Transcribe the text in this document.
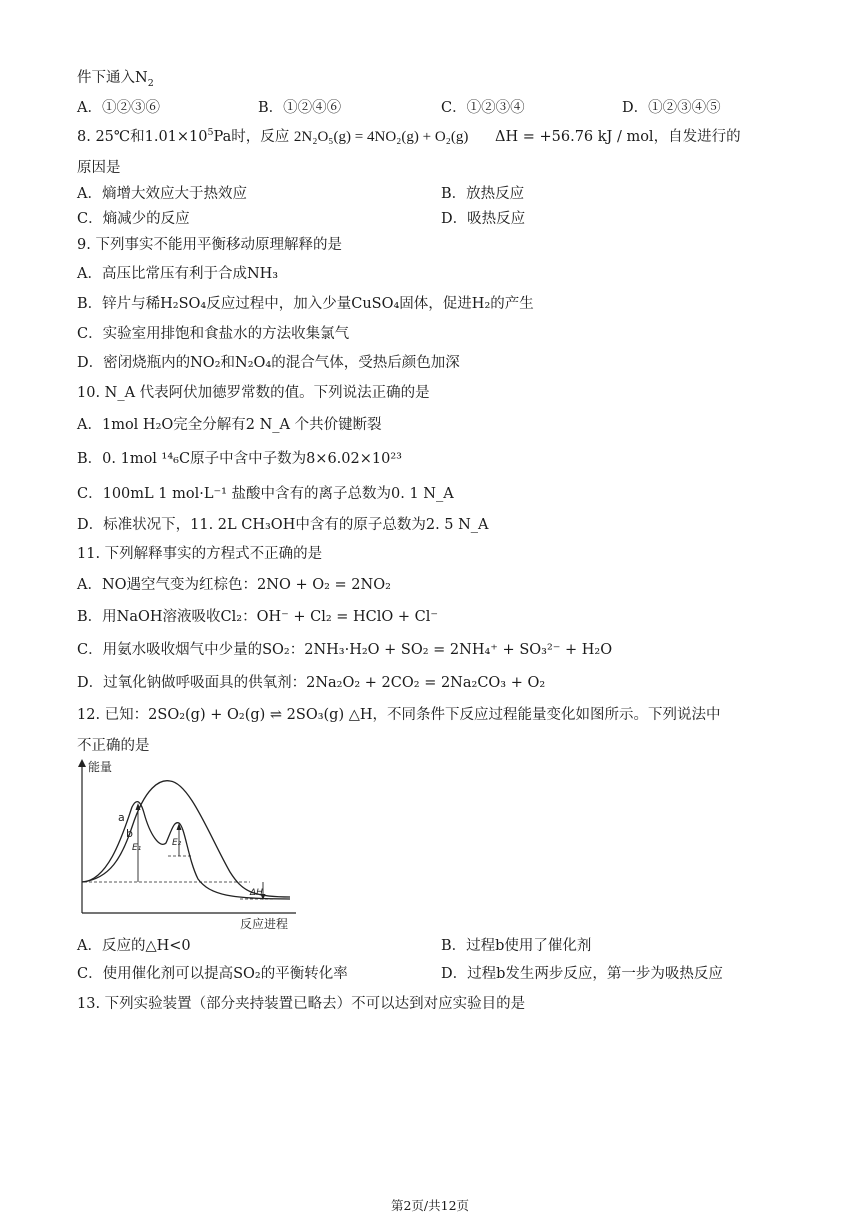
件下通入$N_2$
A．①②③⑥	B．①②④⑥	C．①②③④	D．①②③④⑤
8. 25℃和$1.01\times 10^5Pa$时，反应 2N₂O₅(g) = 4NO₂(g) + O₂(g) ΔH = +56.76 kJ / mol，自发进行的
原因是
A．熵增大效应大于热效应	B．放热反应
C．熵减少的反应	D．吸热反应
9. 下列事实不能用平衡移动原理解释的是
A．高压比常压有利于合成NH₃
B．锌片与稀H₂SO₄反应过程中，加入少量CuSO₄固体，促进H₂的产生
C．实验室用排饱和食盐水的方法收集氯气
D．密闭烧瓶内的NO₂和N₂O₄的混合气体，受热后颜色加深
10. N_A 代表阿伏加德罗常数的值。下列说法正确的是
A．1mol H₂O完全分解有2 N_A 个共价键断裂
B．0. 1mol ¹⁴₆C原子中含中子数为8×6.02×10²³
C．100mL 1 mol·L⁻¹ 盐酸中含有的离子总数为0. 1 N_A
D．标准状况下，11. 2L CH₃OH中含有的原子总数为2. 5 N_A
11. 下列解释事实的方程式不正确的是
A．NO遇空气变为红棕色：2NO + O₂ = 2NO₂
B．用NaOH溶液吸收Cl₂：OH⁻ + Cl₂ = HClO + Cl⁻
C．用氨水吸收烟气中少量的SO₂：2NH₃·H₂O + SO₂ = 2NH₄⁺ + SO₃²⁻ + H₂O
D．过氧化钠做呼吸面具的供氧剂：2Na₂O₂ + 2CO₂ = 2Na₂CO₃ + O₂
12. 已知：2SO₂(g) + O₂(g) ⇌ 2SO₃(g) △H，不同条件下反应过程能量变化如图所示。下列说法中
不正确的是
能量
反应进程
a
b
E₁	E₂
ΔH
A．反应的△H<0	B．过程b使用了催化剂
C．使用催化剂可以提高SO₂的平衡转化率	D．过程b发生两步反应，第一步为吸热反应
13. 下列实验装置（部分夹持装置已略去）不可以达到对应实验目的是
第2页/共12页
